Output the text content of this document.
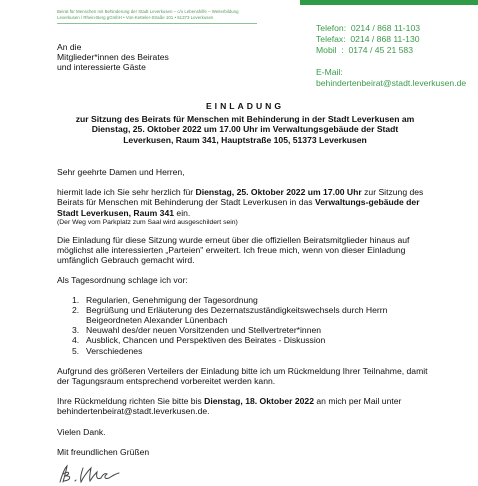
Beirat für Menschen mit Behinderung der Stadt Leverkusen – c/o Lebenshilfe – Weiterbildung
Leverkusen / Rhein-Berg gGmbH • Von-Ketteler-Straße 101 • 51373 Leverkusen
An die
Mitglieder*innen des Beirates
und interessierte Gäste
Telefon:  0214 / 868 11-103
Telefax:  0214 / 868 11-130
Mobil  :  0174 / 45 21 583
E-Mail:
behindertenbeirat@stadt.leverkusen.de
EINLADUNG
zur Sitzung des Beirats für Menschen mit Behinderung in der Stadt Leverkusen am
Dienstag, 25. Oktober 2022 um 17.00 Uhr im Verwaltungsgebäude der Stadt
Leverkusen, Raum 341, Hauptstraße 105, 51373 Leverkusen

Sehr geehrte Damen und Herren,

hiermit lade ich Sie sehr herzlich für Dienstag, 25. Oktober 2022 um 17.00 Uhr zur Sitzung des Beirats für Menschen mit Behinderung der Stadt Leverkusen in das Verwaltungs-gebäude der Stadt Leverkusen, Raum 341 ein.

(Der Weg vom Parkplatz zum Saal wird ausgeschildert sein)

Die Einladung für diese Sitzung wurde erneut über die offiziellen Beiratsmitglieder hinaus auf möglichst alle interessierten „Parteien" erweitert. Ich freue mich, wenn von dieser Einladung umfänglich Gebrauch gemacht wird.

Als Tagesordnung schlage ich vor:

1. Regularien, Genehmigung der Tagesordnung
2. Begrüßung und Erläuterung des Dezernatszuständigkeitswechsels durch Herrn Beigeordneten Alexander Lünenbach
3. Neuwahl des/der neuen Vorsitzenden und Stellvertreter*innen
4. Ausblick, Chancen und Perspektiven des Beirates - Diskussion
5. Verschiedenes

Aufgrund des größeren Verteilers der Einladung bitte ich um Rückmeldung Ihrer Teilnahme, damit der Tagungsraum entsprechend vorbereitet werden kann.

Ihre Rückmeldung richten Sie bitte bis Dienstag, 18. Oktober 2022 an mich per Mail unter behindertenbeirat@stadt.leverkusen.de.

Vielen Dank.

Mit freundlichen Grüßen
